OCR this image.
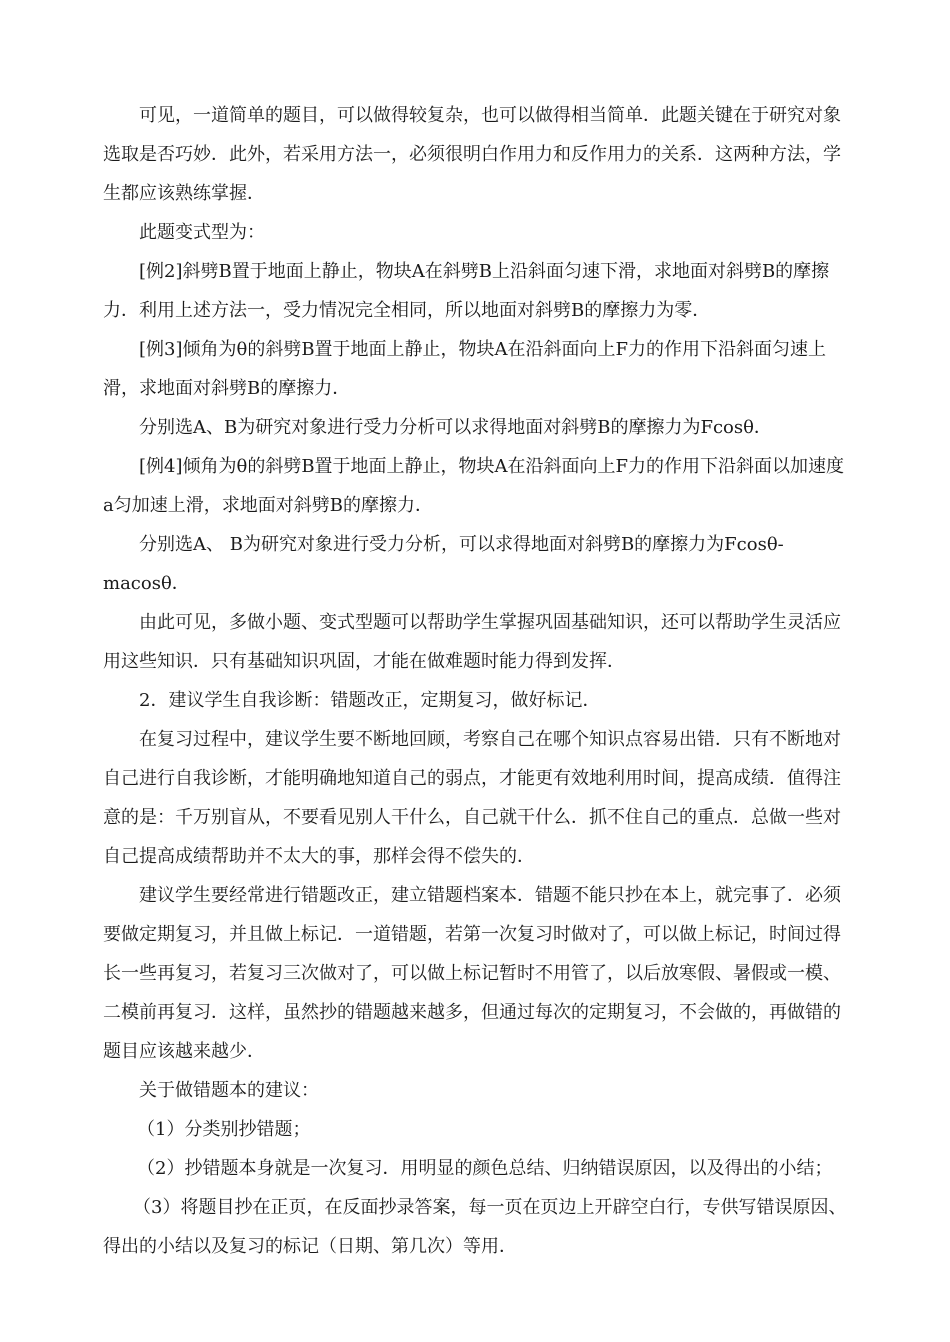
可见，一道简单的题目，可以做得较复杂，也可以做得相当简单．此题关键在于研究对象选取是否巧妙．此外，若采用方法一，必须很明白作用力和反作用力的关系．这两种方法，学生都应该熟练掌握．

此题变式型为：

[例2]斜劈B置于地面上静止，物块A在斜劈B上沿斜面匀速下滑，求地面对斜劈B的摩擦力．利用上述方法一，受力情况完全相同，所以地面对斜劈B的摩擦力为零．

[例3]倾角为θ的斜劈B置于地面上静止，物块A在沿斜面向上F力的作用下沿斜面匀速上滑，求地面对斜劈B的摩擦力．

分别选A、B为研究对象进行受力分析可以求得地面对斜劈B的摩擦力为Fcosθ．

[例4]倾角为θ的斜劈B置于地面上静止，物块A在沿斜面向上F力的作用下沿斜面以加速度a匀加速上滑，求地面对斜劈B的摩擦力．

分别选A、 B为研究对象进行受力分析，可以求得地面对斜劈B的摩擦力为Fcosθ-macosθ．

由此可见，多做小题、变式型题可以帮助学生掌握巩固基础知识，还可以帮助学生灵活应用这些知识．只有基础知识巩固，才能在做难题时能力得到发挥．

2．建议学生自我诊断：错题改正，定期复习，做好标记．

在复习过程中，建议学生要不断地回顾，考察自己在哪个知识点容易出错．只有不断地对自己进行自我诊断，才能明确地知道自己的弱点，才能更有效地利用时间，提高成绩．值得注意的是：千万别盲从，不要看见别人干什么，自己就干什么．抓不住自己的重点．总做一些对自己提高成绩帮助并不太大的事，那样会得不偿失的．

建议学生要经常进行错题改正，建立错题档案本．错题不能只抄在本上，就完事了．必须要做定期复习，并且做上标记．一道错题，若第一次复习时做对了，可以做上标记，时间过得长一些再复习，若复习三次做对了，可以做上标记暂时不用管了，以后放寒假、暑假或一模、二模前再复习．这样，虽然抄的错题越来越多，但通过每次的定期复习，不会做的，再做错的题目应该越来越少．

关于做错题本的建议：

（1）分类别抄错题；

（2）抄错题本身就是一次复习．用明显的颜色总结、归纳错误原因，以及得出的小结；

（3）将题目抄在正页，在反面抄录答案，每一页在页边上开辟空白行，专供写错误原因、得出的小结以及复习的标记（日期、第几次）等用．
